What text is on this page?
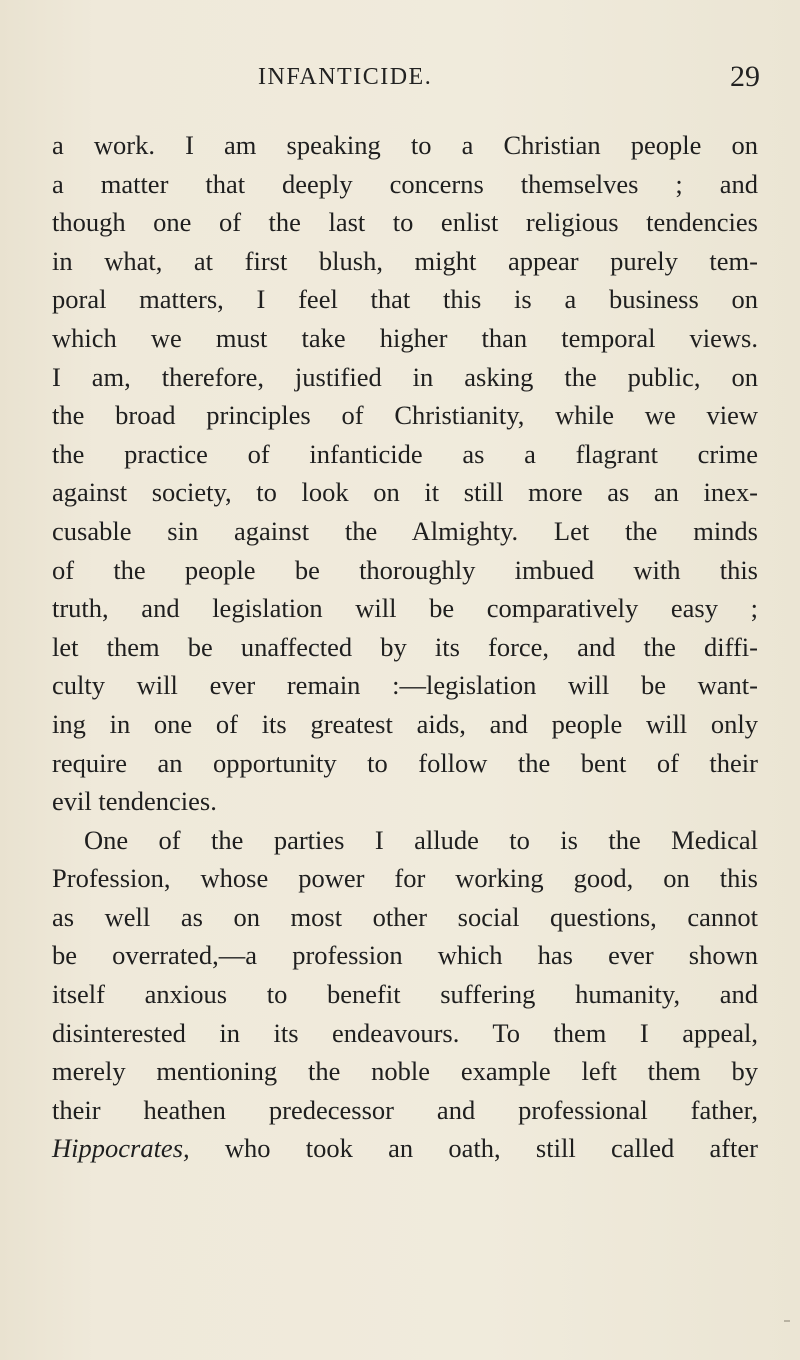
INFANTICIDE.	29
a work. I am speaking to a Christian people on
a matter that deeply concerns themselves ; and
though one of the last to enlist religious tendencies
in what, at first blush, might appear purely tem-
poral matters, I feel that this is a business on
which we must take higher than temporal views.
I am, therefore, justified in asking the public, on
the broad principles of Christianity, while we view
the practice of infanticide as a flagrant crime
against society, to look on it still more as an inex-
cusable sin against the Almighty. Let the minds
of the people be thoroughly imbued with this
truth, and legislation will be comparatively easy ;
let them be unaffected by its force, and the diffi-
culty will ever remain :—legislation will be want-
ing in one of its greatest aids, and people will only
require an opportunity to follow the bent of their
evil tendencies.
One of the parties I allude to is the Medical
Profession, whose power for working good, on this
as well as on most other social questions, cannot
be overrated,—a profession which has ever shown
itself anxious to benefit suffering humanity, and
disinterested in its endeavours. To them I appeal,
merely mentioning the noble example left them by
their heathen predecessor and professional father,
Hippocrates, who took an oath, still called after
